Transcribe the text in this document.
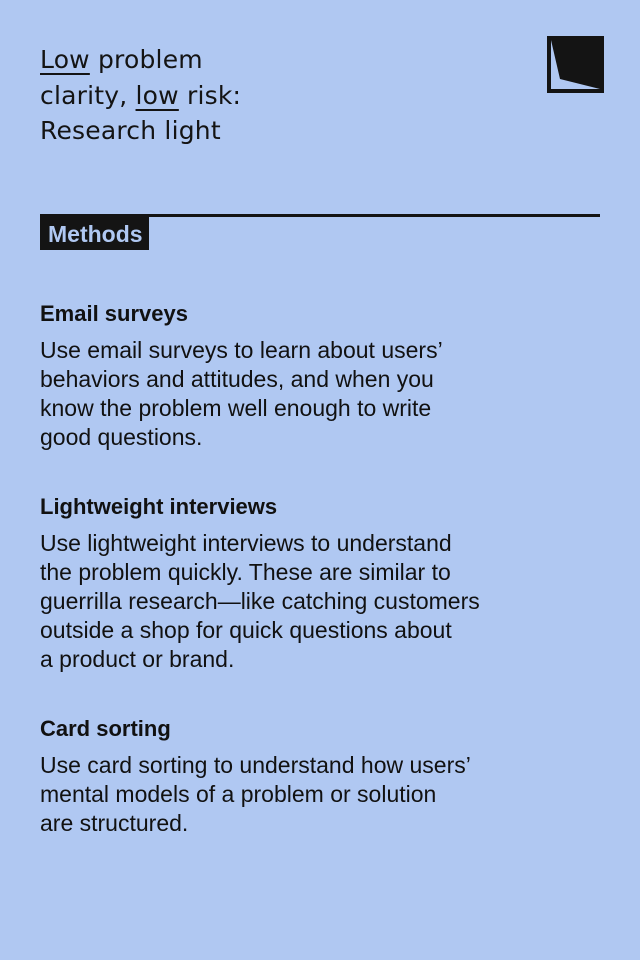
Low problem
clarity, low risk:
Research light
Methods
Email surveys

Use email surveys to learn about users’
behaviors and attitudes, and when you
know the problem well enough to write
good questions.

Lightweight interviews

Use lightweight interviews to understand
the problem quickly. These are similar to
guerrilla research—like catching customers
outside a shop for quick questions about
a product or brand.

Card sorting

Use card sorting to understand how users’
mental models of a problem or solution
are structured.
